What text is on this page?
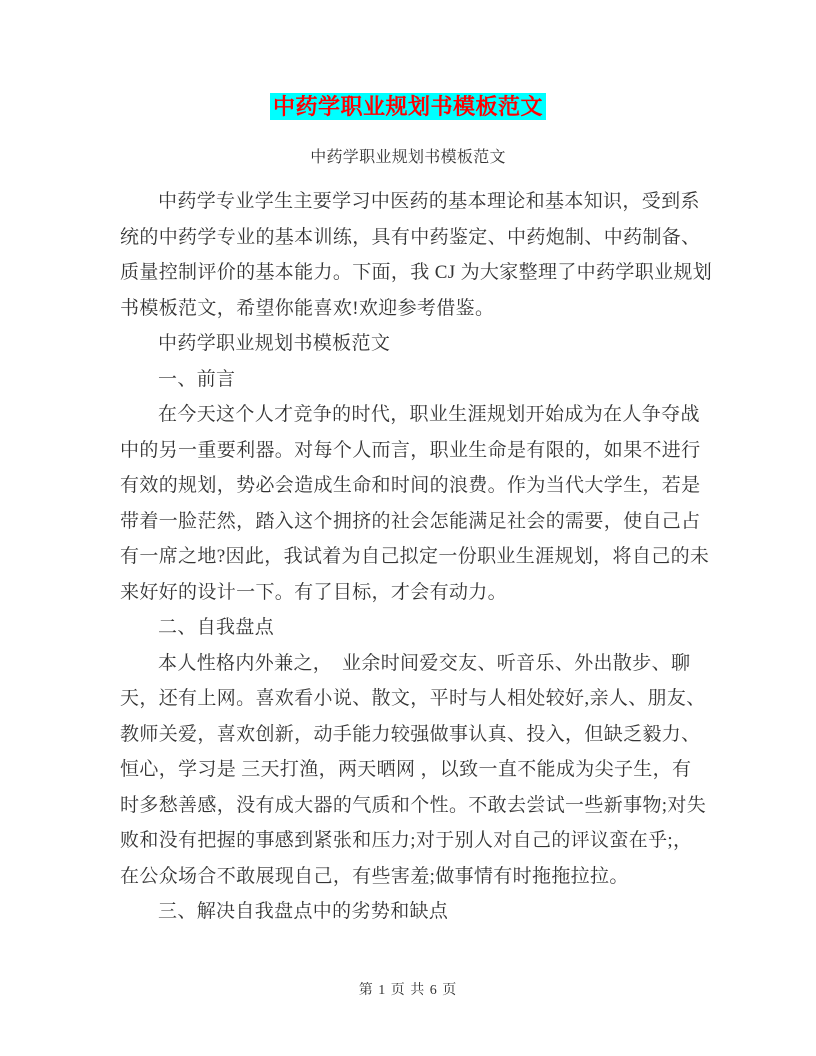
中药学职业规划书模板范文
中药学职业规划书模板范文
中药学专业学生主要学习中医药的基本理论和基本知识，受到系
统的中药学专业的基本训练，具有中药鉴定、中药炮制、中药制备、
质量控制评价的基本能力。下面，我 CJ 为大家整理了中药学职业规划
书模板范文，希望你能喜欢!欢迎参考借鉴。
中药学职业规划书模板范文
一、前言
在今天这个人才竞争的时代，职业生涯规划开始成为在人争夺战
中的另一重要利器。对每个人而言，职业生命是有限的，如果不进行
有效的规划，势必会造成生命和时间的浪费。作为当代大学生，若是
带着一脸茫然，踏入这个拥挤的社会怎能满足社会的需要，使自己占
有一席之地?因此，我试着为自己拟定一份职业生涯规划，将自己的未
来好好的设计一下。有了目标，才会有动力。
二、自我盘点
本人性格内外兼之，　业余时间爱交友、听音乐、外出散步、聊
天，还有上网。喜欢看小说、散文，平时与人相处较好,亲人、朋友、
教师关爱，喜欢创新，动手能力较强做事认真、投入，但缺乏毅力、
恒心，学习是 三天打渔，两天晒网 ，以致一直不能成为尖子生，有
时多愁善感，没有成大器的气质和个性。不敢去尝试一些新事物;对失
败和没有把握的事感到紧张和压力;对于别人对自己的评议蛮在乎;，
在公众场合不敢展现自己，有些害羞;做事情有时拖拖拉拉。
三、解决自我盘点中的劣势和缺点
第 1 页 共 6 页
